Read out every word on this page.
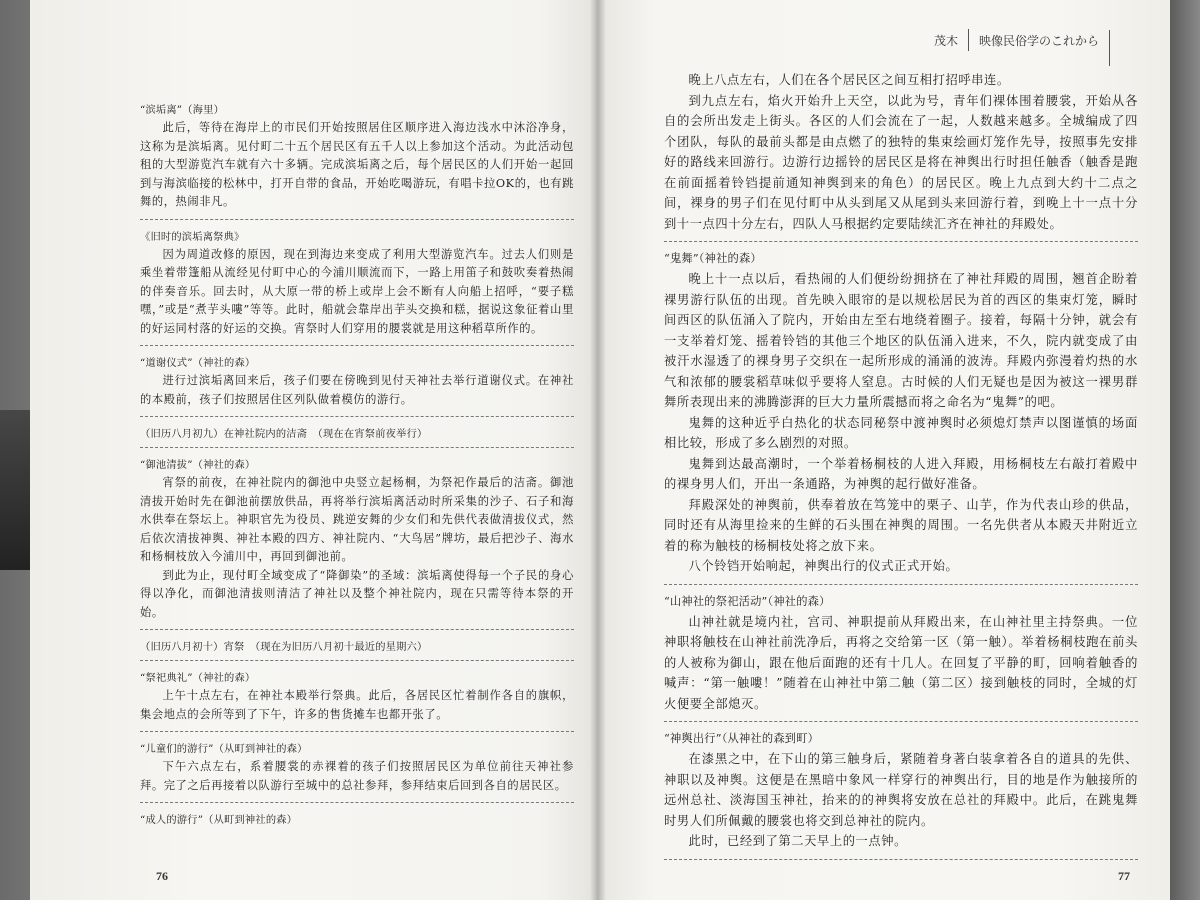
“滨垢离”（海里）

此后，等待在海岸上的市民们开始按照居住区顺序进入海边浅水中沐浴净身，这称为是滨垢离。见付町二十五个居民区有五千人以上参加这个活动。为此活动包租的大型游览汽车就有六十多辆。完成滨垢离之后，每个居民区的人们开始一起回到与海滨临接的松林中，打开自带的食品，开始吃喝游玩，有唱卡拉OK的，也有跳舞的，热闹非凡。

《旧时的滨垢离祭典》

因为周道改修的原因，现在到海边来变成了利用大型游览汽车。过去人们则是乘坐着带篷船从流经见付町中心的今浦川顺流而下，一路上用笛子和鼓吹奏着热闹的伴奏音乐。回去时，从大原一带的桥上或岸上会不断有人向船上招呼，“要子糕嘿，”或是“煮芋头嘍”等等。此时，船就会靠岸出芋头交换和糕，据说这象征着山里的好运同村落的好运的交换。宵祭时人们穿用的腰裳就是用这种稻草所作的。

“道谢仪式”（神社的森）

进行过滨垢离回来后，孩子们要在傍晚到见付天神社去举行道谢仪式。在神社的本殿前，孩子们按照居住区列队做着模仿的游行。

（旧历八月初九）在神社院内的洁斋　（现在在宵祭前夜举行）
“御池清拔”（神社的森）

宵祭的前夜，在神社院内的御池中央竖立起杨桐，为祭祀作最后的洁斋。御池清拔开始时先在御池前摆放供品，再将举行滨垢离活动时所采集的沙子、石子和海水供奉在祭坛上。神职官先为役员、跳逆安舞的少女们和先供代表做清拔仪式，然后依次清拔神舆、神社本殿的四方、神社院内、“大鸟居”牌坊，最后把沙子、海水和杨桐枝放入今浦川中，再回到御池前。

到此为止，现付町全域变成了“降御染”的圣域：滨垢离使得每一个子民的身心得以净化，而御池清拔则清洁了神社以及整个神社院内，现在只需等待本祭的开始。

（旧历八月初十）宵祭　（现在为旧历八月初十最近的星期六）
“祭祀典礼”（神社的森）

上午十点左右，在神社本殿举行祭典。此后，各居民区忙着制作各自的旗帜，集会地点的会所等到了下午，许多的售货摊车也都开张了。

“儿童们的游行”（从町到神社的森）

下午六点左右，系着腰裳的赤裸着的孩子们按照居民区为单位前往天神社参拜。完了之后再接着以队游行至城中的总社参拜，参拜结束后回到各自的居民区。

“成人的游行”（从町到神社的森）
76
茂木 映像民俗学のこれから

晚上八点左右，人们在各个居民区之间互相打招呼串连。

到九点左右，焰火开始升上天空，以此为号，青年们裸体围着腰裳，开始从各自的会所出发走上街头。各区的人们会流在了一起，人数越来越多。全城编成了四个团队，每队的最前头都是由点燃了的独特的集束绘画灯笼作先导，按照事先安排好的路线来回游行。边游行边摇铃的居民区是将在神舆出行时担任触香（触香是跑在前面摇着铃铛提前通知神舆到来的角色）的居民区。晚上九点到大约十二点之间，裸身的男子们在见付町中从头到尾又从尾到头来回游行着，到晚上十一点十分到十一点四十分左右，四队人马根据约定要陆续汇齐在神社的拜殿处。

“鬼舞”（神社的森）

晚上十一点以后，看热闹的人们便纷纷拥挤在了神社拜殿的周围，翘首企盼着裸男游行队伍的出现。首先映入眼帘的是以规松居民为首的西区的集束灯笼，瞬时间西区的队伍涌入了院内，开始由左至右地绕着圈子。接着，每隔十分钟，就会有一支举着灯笼、摇着铃铛的其他三个地区的队伍涌入进来，不久，院内就变成了由被汗水湿透了的裸身男子交织在一起所形成的涌涌的波涛。拜殿内弥漫着灼热的水气和浓郁的腰裳稻草味似乎要将人窒息。古时候的人们无疑也是因为被这一裸男群舞所表现出来的沸腾澎湃的巨大力量所震撼而将之命名为“鬼舞”的吧。

鬼舞的这种近乎白热化的状态同秘祭中渡神舆时必须熄灯禁声以图谨慎的场面相比较，形成了多么剧烈的对照。

鬼舞到达最高潮时，一个举着杨桐枝的人进入拜殿，用杨桐枝左右敲打着殿中的裸身男人们，开出一条通路，为神舆的起行做好准备。

拜殿深处的神舆前，供奉着放在笃笼中的栗子、山芋，作为代表山珍的供品，同时还有从海里捡来的生鲜的石头围在神舆的周围。一名先供者从本殿天井附近立着的称为触枝的杨桐枝处将之放下来。

八个铃铛开始响起，神舆出行的仪式正式开始。

“山神社的祭祀活动”（神社的森）

山神社就是境内社，宫司、神职提前从拜殿出来，在山神社里主持祭典。一位神职将触枝在山神社前洗净后，再将之交给第一区（第一触）。举着杨桐枝跑在前头的人被称为御山，跟在他后面跑的还有十几人。在回复了平静的町，回响着触香的喊声：“第一触嘍！”随着在山神社中第二触（第二区）接到触枝的同时，全城的灯火便要全部熄灭。

“神舆出行”（从神社的森到町）

在漆黑之中，在下山的第三触身后，紧随着身著白装拿着各自的道具的先供、神职以及神舆。这便是在黑暗中象风一样穿行的神舆出行，目的地是作为触接所的远州总社、淡海国玉神社，抬来的的神舆将安放在总社的拜殿中。此后，在跳鬼舞时男人们所佩戴的腰裳也将交到总神社的院内。

此时，已经到了第二天早上的一点钟。

77
